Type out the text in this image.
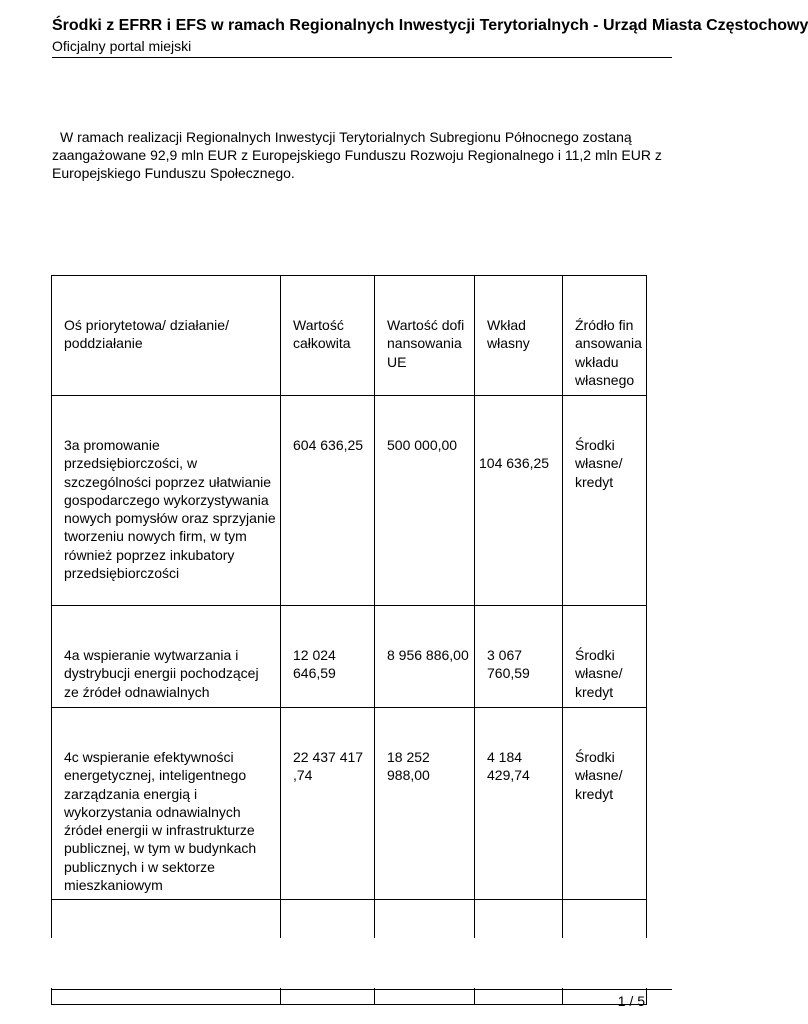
Środki z EFRR i EFS w ramach Regionalnych Inwestycji Terytorialnych - Urząd Miasta Częstochowy
Oficjalny portal miejski

W ramach realizacji Regionalnych Inwestycji Terytorialnych Subregionu Północnego zostaną zaangażowane 92,9 mln EUR z Europejskiego Funduszu Rozwoju Regionalnego i 11,2 mln EUR z Europejskiego Funduszu Społecznego.

Oś priorytetowa/ działanie/ poddziałanie	Wartość całkowita	Wartość dofi nansowania UE	Wkład własny	Źródło fin ansowania wkładu własnego

3a promowanie przedsiębiorczości, w szczególności poprzez ułatwianie gospodarczego wykorzystywania nowych pomysłów oraz sprzyjanie tworzeniu nowych firm, w tym również poprzez inkubatory przedsiębiorczości	604 636,25	500 000,00	104 636,25	Środki własne/ kredyt

4a wspieranie wytwarzania i dystrybucji energii pochodzącej ze źródeł odnawialnych	12 024 646,59	8 956 886,00	3 067 760,59	Środki własne/ kredyt

4c wspieranie efektywności energetycznej, inteligentnego zarządzania energią i wykorzystania odnawialnych źródeł energii w infrastrukturze publicznej, w tym w budynkach publicznych i w sektorze mieszkaniowym	22 437 417 ,74	18 252 988,00	4 184 429,74	Środki własne/ kredyt

1 / 5
